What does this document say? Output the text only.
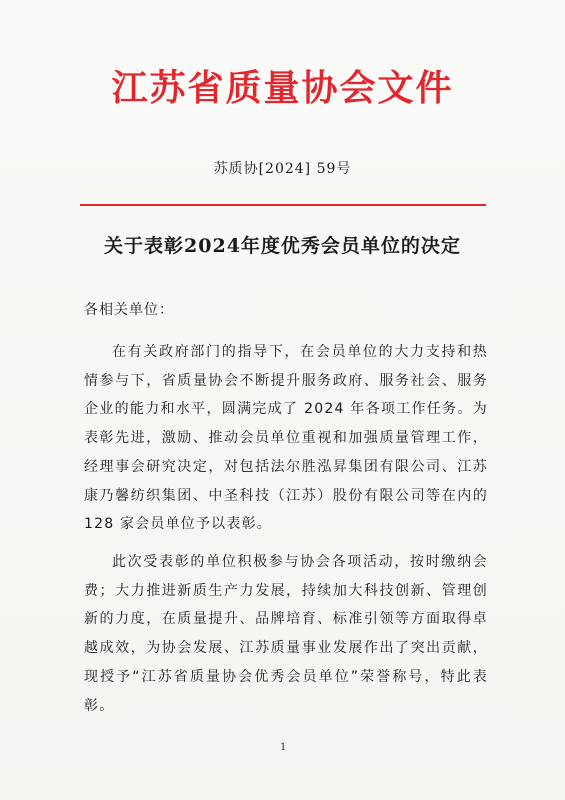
江苏省质量协会文件
苏质协[2024] 59号
关于表彰2024年度优秀会员单位的决定
各相关单位：

在有关政府部门的指导下，在会员单位的大力支持和热情参与下，省质量协会不断提升服务政府、服务社会、服务企业的能力和水平，圆满完成了 2024 年各项工作任务。为表彰先进，激励、推动会员单位重视和加强质量管理工作，经理事会研究决定，对包括法尔胜泓昇集团有限公司、江苏康乃馨纺织集团、中圣科技（江苏）股份有限公司等在内的 128 家会员单位予以表彰。

此次受表彰的单位积极参与协会各项活动，按时缴纳会费；大力推进新质生产力发展，持续加大科技创新、管理创新的力度，在质量提升、品牌培育、标准引领等方面取得卓越成效，为协会发展、江苏质量事业发展作出了突出贡献，现授予“江苏省质量协会优秀会员单位”荣誉称号，特此表彰。

1
